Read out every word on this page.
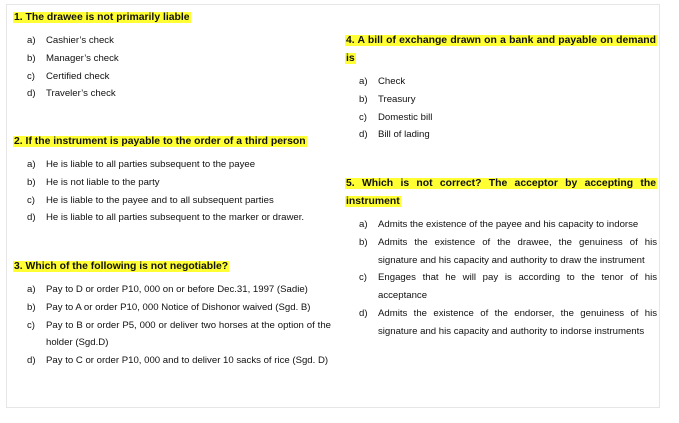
1. The drawee is not primarily liable
a) Cashier’s check
b) Manager’s check
c) Certified check
d) Traveler’s check
2. If the instrument is payable to the order of a third person
a) He is liable to all parties subsequent to the payee
b) He is not liable to the party
c) He is liable to the payee and to all subsequent parties
d) He is liable to all parties subsequent to the marker or drawer.
3. Which of the following is not negotiable?
a) Pay to D or order P10, 000 on or before Dec.31, 1997 (Sadie)
b) Pay to A or order P10, 000 Notice of Dishonor waived (Sgd. B)
c) Pay to B or order P5, 000 or deliver two horses at the option of the holder (Sgd.D)
d) Pay to C or order P10, 000 and to deliver 10 sacks of rice (Sgd. D)
4. A bill of exchange drawn on a bank and payable on demand is
a) Check
b) Treasury
c) Domestic bill
d) Bill of lading
5. Which is not correct? The acceptor by accepting the instrument
a) Admits the existence of the payee and his capacity to indorse
b) Admits the existence of the drawee, the genuiness of his signature and his capacity and authority to draw the instrument
c) Engages that he will pay is according to the tenor of his acceptance
d) Admits the existence of the endorser, the genuiness of his signature and his capacity and authority to indorse instruments
